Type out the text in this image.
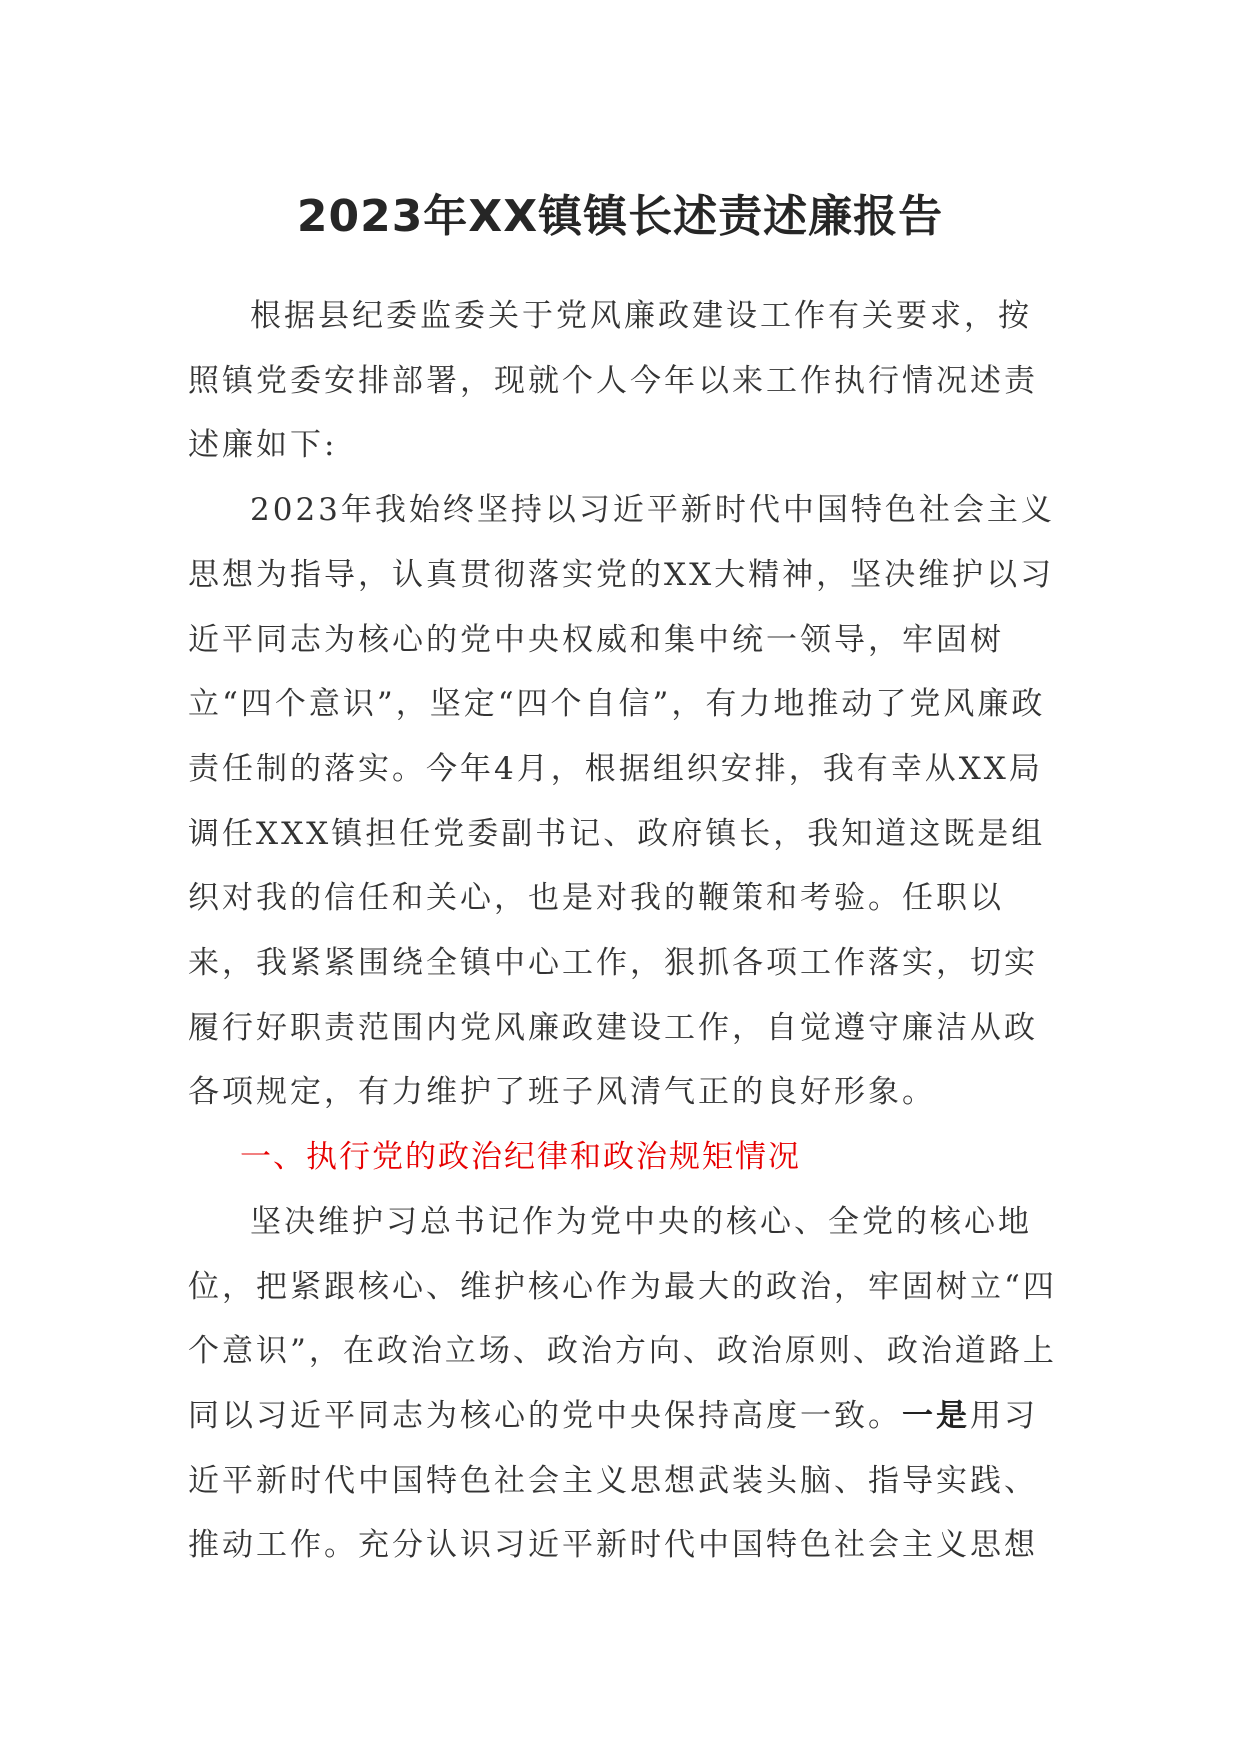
2023年XX镇镇长述责述廉报告

根据县纪委监委关于党风廉政建设工作有关要求，按照镇党委安排部署，现就个人今年以来工作执行情况述责述廉如下:

2023年我始终坚持以习近平新时代中国特色社会主义思想为指导，认真贯彻落实党的XX大精神，坚决维护以习近平同志为核心的党中央权威和集中统一领导，牢固树立“四个意识”，坚定“四个自信”，有力地推动了党风廉政责任制的落实。今年4月，根据组织安排，我有幸从XX局调任XXX镇担任党委副书记、政府镇长，我知道这既是组织对我的信任和关心，也是对我的鞭策和考验。任职以来，我紧紧围绕全镇中心工作，狠抓各项工作落实，切实履行好职责范围内党风廉政建设工作，自觉遵守廉洁从政各项规定，有力维护了班子风清气正的良好形象。

一、执行党的政治纪律和政治规矩情况

坚决维护习总书记作为党中央的核心、全党的核心地位，把紧跟核心、维护核心作为最大的政治，牢固树立“四个意识”，在政治立场、政治方向、政治原则、政治道路上同以习近平同志为核心的党中央保持高度一致。一是用习近平新时代中国特色社会主义思想武装头脑、指导实践、推动工作。充分认识习近平新时代中国特色社会主义思想
